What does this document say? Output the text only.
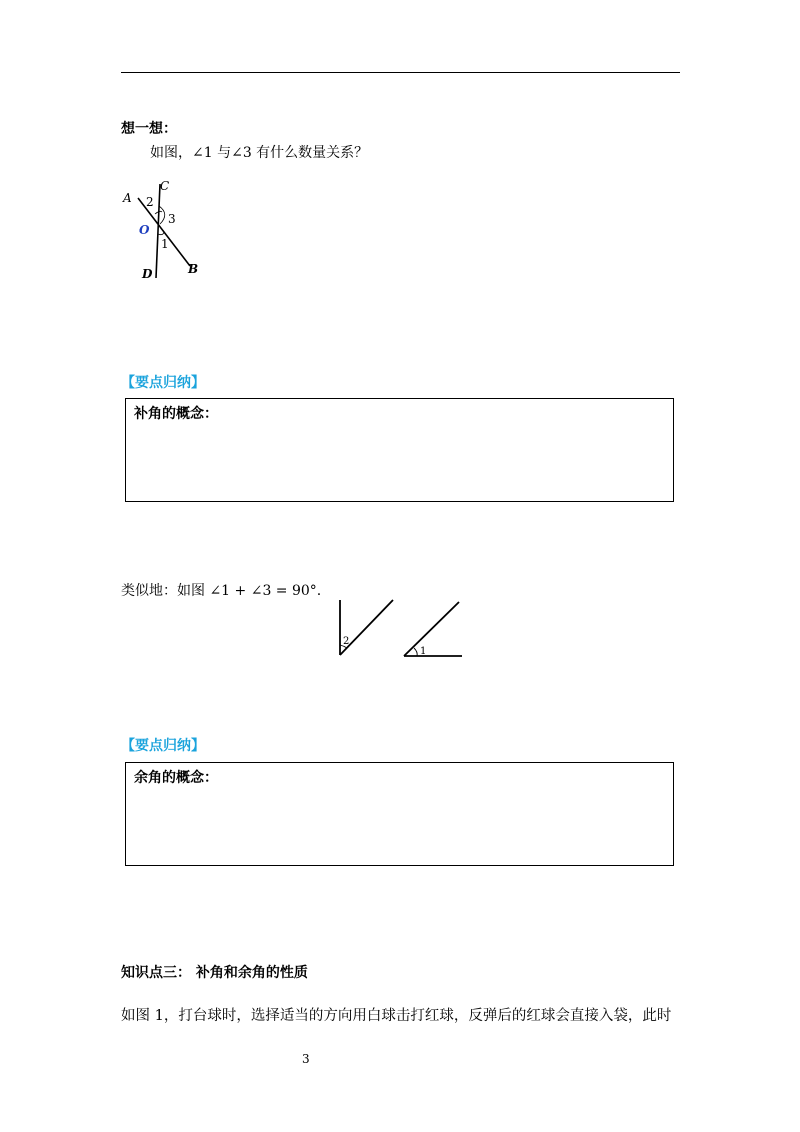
想一想：
如图，∠1 与∠3 有什么数量关系？
A
C
2
3
O
1
D	B
【要点归纳】
补角的概念：
类似地：如图 ∠1 + ∠3 = 90°.
2
1
【要点归纳】
余角的概念：
知识点三： 补角和余角的性质
如图 1，打台球时，选择适当的方向用白球击打红球，反弹后的红球会直接入袋，此时
3
